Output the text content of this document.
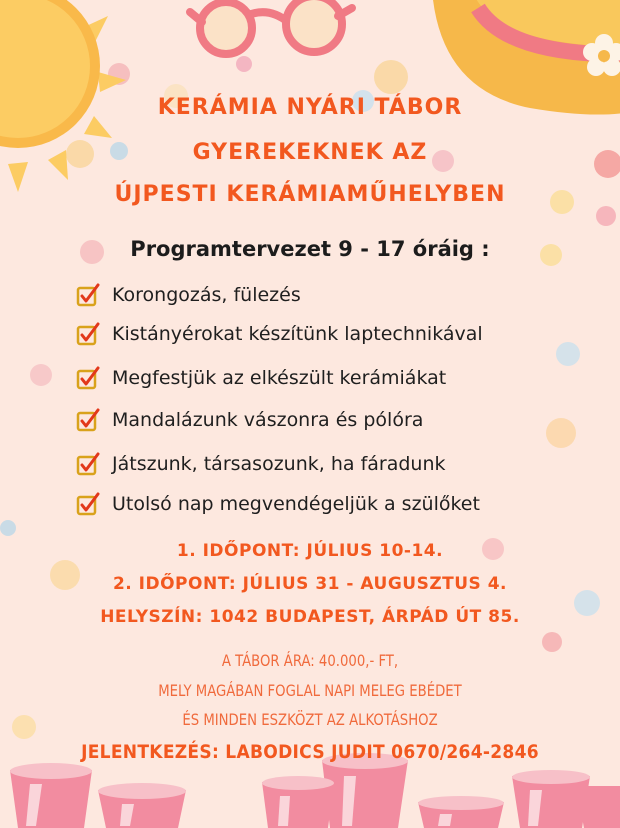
KERÁMIA NYÁRI TÁBOR
GYEREKEKNEK AZ
ÚJPESTI KERÁMIAMŰHELYBEN
Programtervezet 9 - 17 óráig :
Korongozás, fülezés
Kistányérokat készítünk laptechnikával
Megfestjük az elkészült kerámiákat
Mandalázunk vászonra és pólóra
Játszunk, társasozunk, ha fáradunk
Utolsó nap megvendégeljük a szülőket
1. IDŐPONT: JÚLIUS 10-14.
2. IDŐPONT: JÚLIUS 31 - AUGUSZTUS 4.
HELYSZÍN: 1042 BUDAPEST, ÁRPÁD ÚT 85.
A TÁBOR ÁRA: 40.000,- FT,
MELY MAGÁBAN FOGLAL NAPI MELEG EBÉDET
ÉS MINDEN ESZKÖZT AZ ALKOTÁSHOZ
JELENTKEZÉS: LABODICS JUDIT 0670/264-2846
